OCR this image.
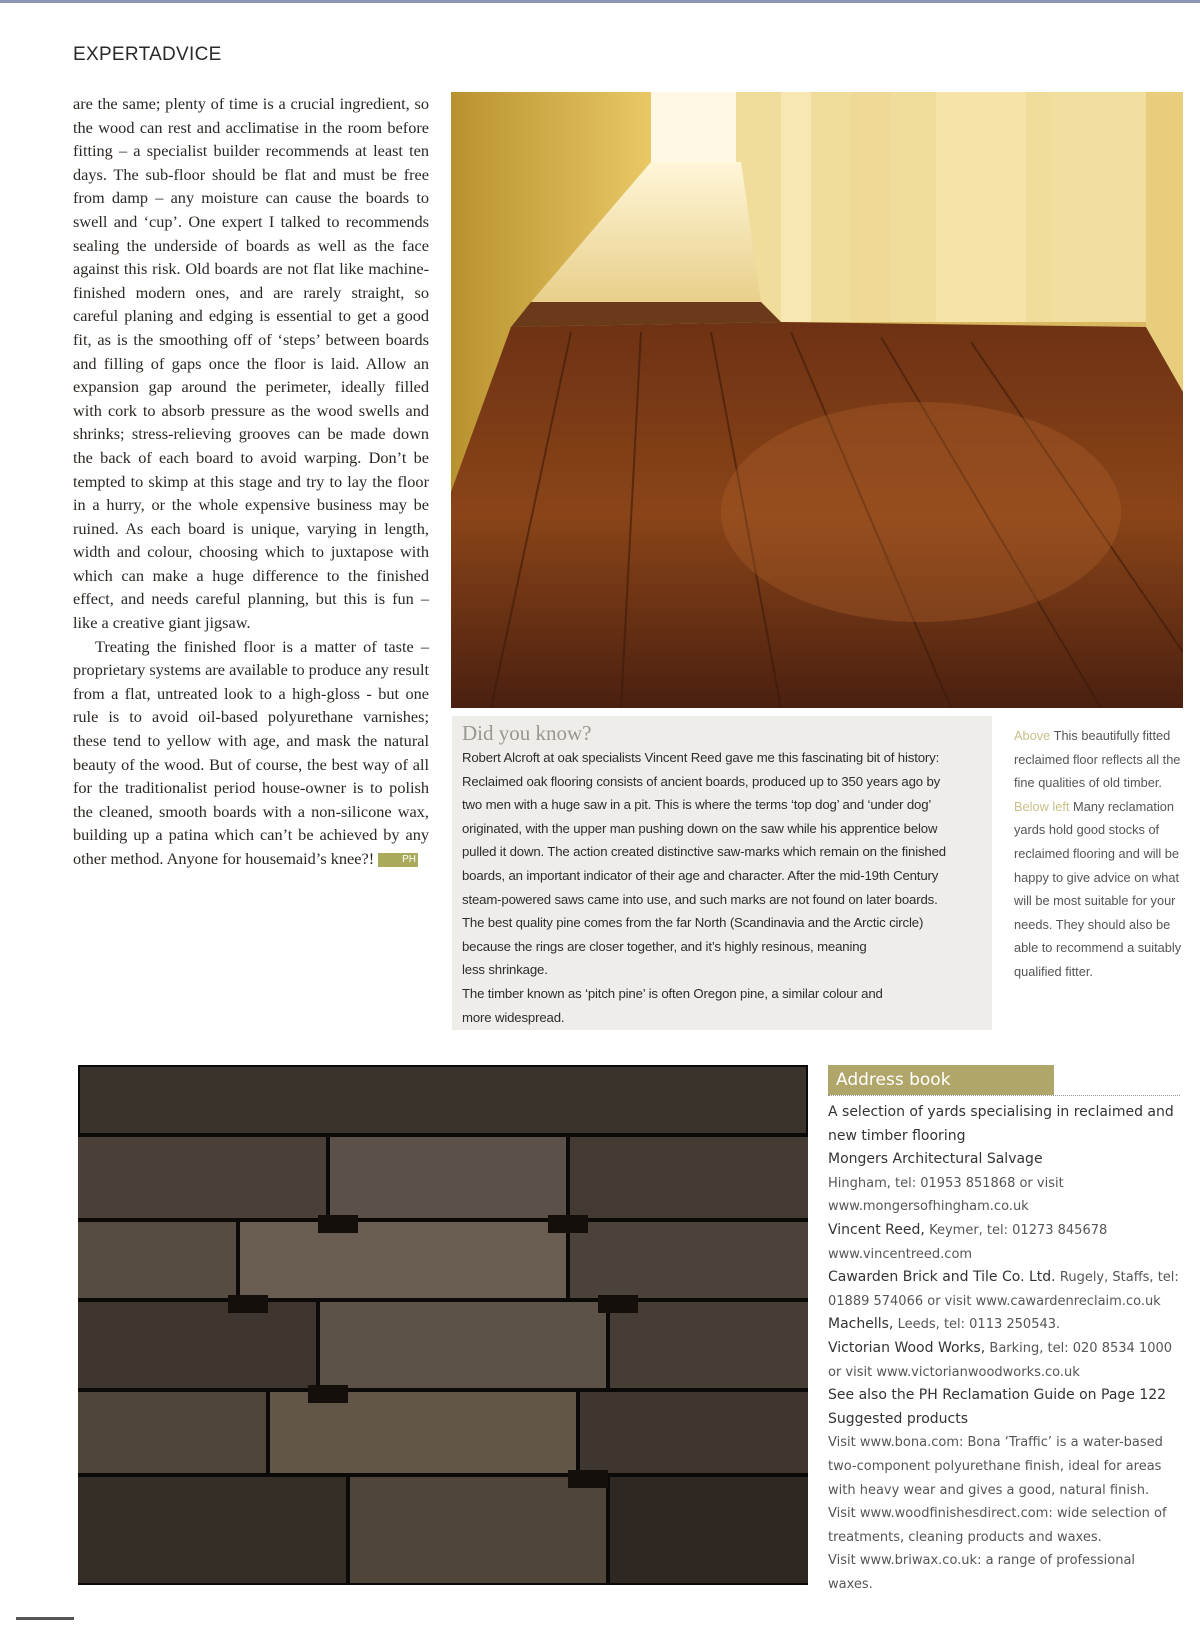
EXPERTADVICE

are the same; plenty of time is a crucial ingredient, so the wood can rest and acclimatise in the room before fitting – a specialist builder recommends at least ten days. The sub-floor should be flat and must be free from damp – any moisture can cause the boards to swell and ‘cup’. One expert I talked to recommends sealing the underside of boards as well as the face against this risk. Old boards are not flat like machine-finished modern ones, and are rarely straight, so careful planing and edging is essential to get a good fit, as is the smoothing off of ‘steps’ between boards and filling of gaps once the floor is laid. Allow an expansion gap around the perimeter, ideally filled with cork to absorb pressure as the wood swells and shrinks; stress-relieving grooves can be made down the back of each board to avoid warping. Don’t be tempted to skimp at this stage and try to lay the floor in a hurry, or the whole expensive business may be ruined. As each board is unique, varying in length, width and colour, choosing which to juxtapose with which can make a huge difference to the finished effect, and needs careful planning, but this is fun – like a creative giant jigsaw.

Treating the finished floor is a matter of taste – proprietary systems are available to produce any result from a flat, untreated look to a high-gloss - but one rule is to avoid oil-based polyurethane varnishes; these tend to yellow with age, and mask the natural beauty of the wood. But of course, the best way of all for the traditionalist period house-owner is to polish the cleaned, smooth boards with a non-silicone wax, building up a patina which can’t be achieved by any other method. Anyone for housemaid’s knee?!	PH

Did you know?
Robert Alcroft at oak specialists Vincent Reed gave me this fascinating bit of history:
Reclaimed oak flooring consists of ancient boards, produced up to 350 years ago by
two men with a huge saw in a pit. This is where the terms ‘top dog’ and ‘under dog’
originated, with the upper man pushing down on the saw while his apprentice below
pulled it down. The action created distinctive saw-marks which remain on the finished
boards, an important indicator of their age and character. After the mid-19th Century
steam-powered saws came into use, and such marks are not found on later boards.
The best quality pine comes from the far North (Scandinavia and the Arctic circle)
because the rings are closer together, and it’s highly resinous, meaning
less shrinkage.
The timber known as ‘pitch pine’ is often Oregon pine, a similar colour and
more widespread.
Above This beautifully fitted reclaimed floor reflects all the fine qualities of old timber. Below left Many reclamation yards hold good stocks of reclaimed flooring and will be happy to give advice on what will be most suitable for your needs. They should also be able to recommend a suitably qualified fitter.
Address book
A selection of yards specialising in reclaimed and new timber flooring
Mongers Architectural Salvage
Hingham, tel: 01953 851868 or visit www.mongersofhingham.co.uk
Vincent Reed, Keymer, tel: 01273 845678 www.vincentreed.com
Cawarden Brick and Tile Co. Ltd. Rugely, Staffs, tel: 01889 574066 or visit www.cawardenreclaim.co.uk
Machells, Leeds, tel: 0113 250543.
Victorian Wood Works, Barking, tel: 020 8534 1000 or visit www.victorianwoodworks.co.uk
See also the PH Reclamation Guide on Page 122
Suggested products
Visit www.bona.com: Bona ‘Traffic’ is a water-based two-component polyurethane finish, ideal for areas with heavy wear and gives a good, natural finish.
Visit www.woodfinishesdirect.com: wide selection of treatments, cleaning products and waxes.
Visit www.briwax.co.uk: a range of professional waxes.
